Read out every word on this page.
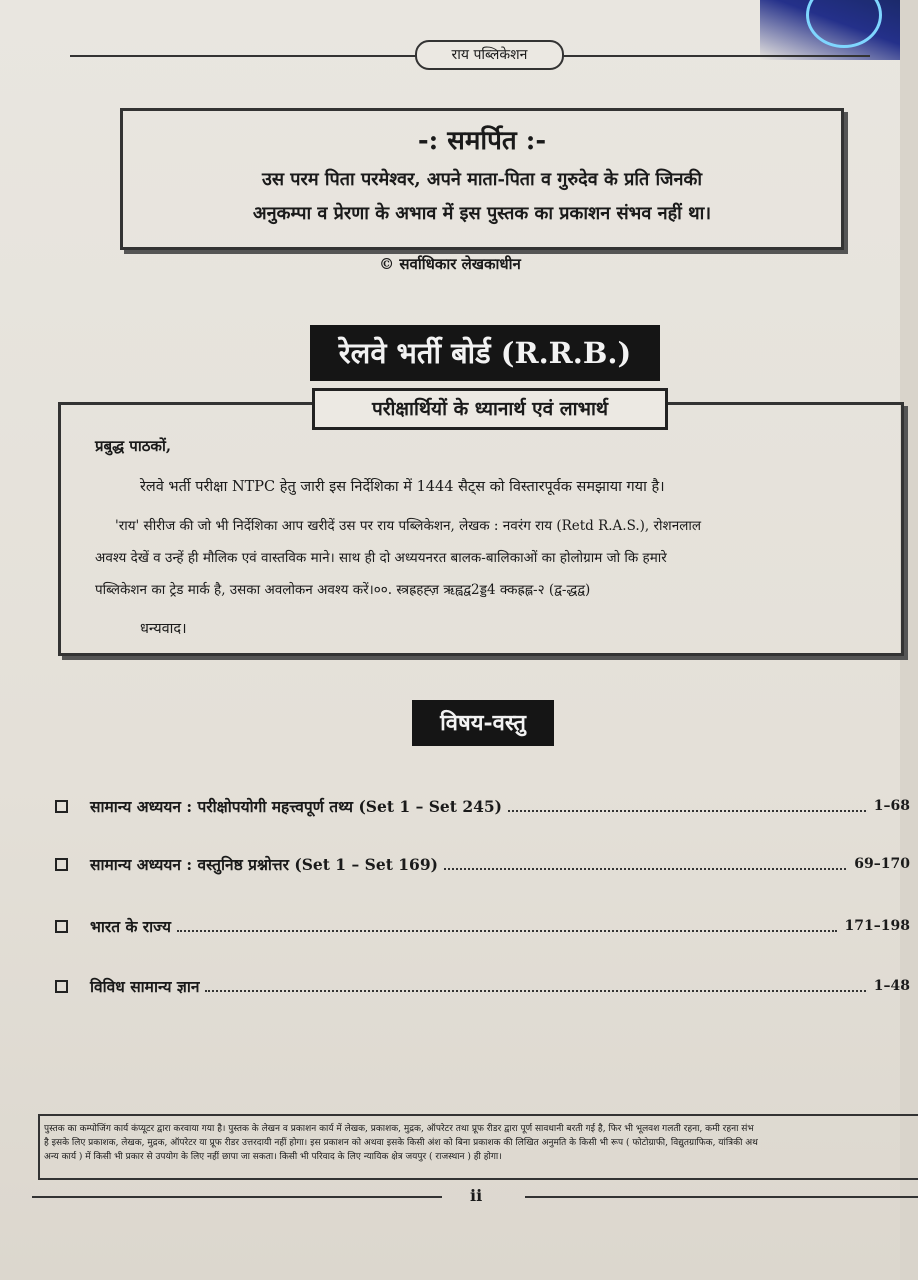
राय पब्लिकेशन
-: समर्पित :-
उस परम पिता परमेश्वर, अपने माता-पिता व गुरुदेव के प्रति जिनकी
अनुकम्पा व प्रेरणा के अभाव में इस पुस्तक का प्रकाशन संभव नहीं था।
© सर्वाधिकार लेखकाधीन
रेलवे भर्ती बोर्ड (R.R.B.)
परीक्षार्थियों के ध्यानार्थ एवं लाभार्थ
प्रबुद्ध पाठकों,
रेलवे भर्ती परीक्षा NTPC हेतु जारी इस निर्देशिका में 1444 सैट्स को विस्तारपूर्वक समझाया गया है।
'राय' सीरीज की जो भी निर्देशिका आप खरीदें उस पर राय पब्लिकेशन, लेखक : नवरंग राय (Retd R.A.S.), रोशनलाल
अवश्य देखें व उन्हें ही मौलिक एवं वास्तविक माने। साथ ही दो अध्ययनरत बालक-बालिकाओं का होलोग्राम जो कि हमारे
पब्लिकेशन का ट्रेड मार्क है, उसका अवलोकन अवश्य करें।००. स्त्रह्रहह्ज़ ऋह्वद्व2ड्ड4 क्कह्रह्ल-२ (द्व-द्धद्व)
धन्यवाद।
विषय-वस्तु
सामान्य अध्ययन : परीक्षोपयोगी महत्त्वपूर्ण तथ्य (Set 1 – Set 245)	1–68
सामान्य अध्ययन : वस्तुनिष्ठ प्रश्नोत्तर (Set 1 – Set 169)	69–170
भारत के राज्य	171–198
विविध सामान्य ज्ञान	1–48
पुस्तक का कम्पोजिंग कार्य कंप्यूटर द्वारा करवाया गया है। पुस्तक के लेखन व प्रकाशन कार्य में लेखक, प्रकाशक, मुद्रक, ऑपरेटर तथा प्रूफ रीडर द्वारा पूर्ण सावधानी बरती गई है, फिर भी भूलवश गलती रहना, कमी रहना संभ
है इसके लिए प्रकाशक, लेखक, मुद्रक, ऑपरेटर या प्रूफ रीडर उत्तरदायी नहीं होगा। इस प्रकाशन को अथवा इसके किसी अंश को बिना प्रकाशक की लिखित अनुमति के किसी भी रूप ( फोटोग्राफी, विद्युतग्राफिक, यांत्रिकी अथ
अन्य कार्य ) में किसी भी प्रकार से उपयोग के लिए नहीं छापा जा सकता। किसी भी परिवाद के लिए न्यायिक क्षेत्र जयपुर ( राजस्थान ) ही होगा।
ii
